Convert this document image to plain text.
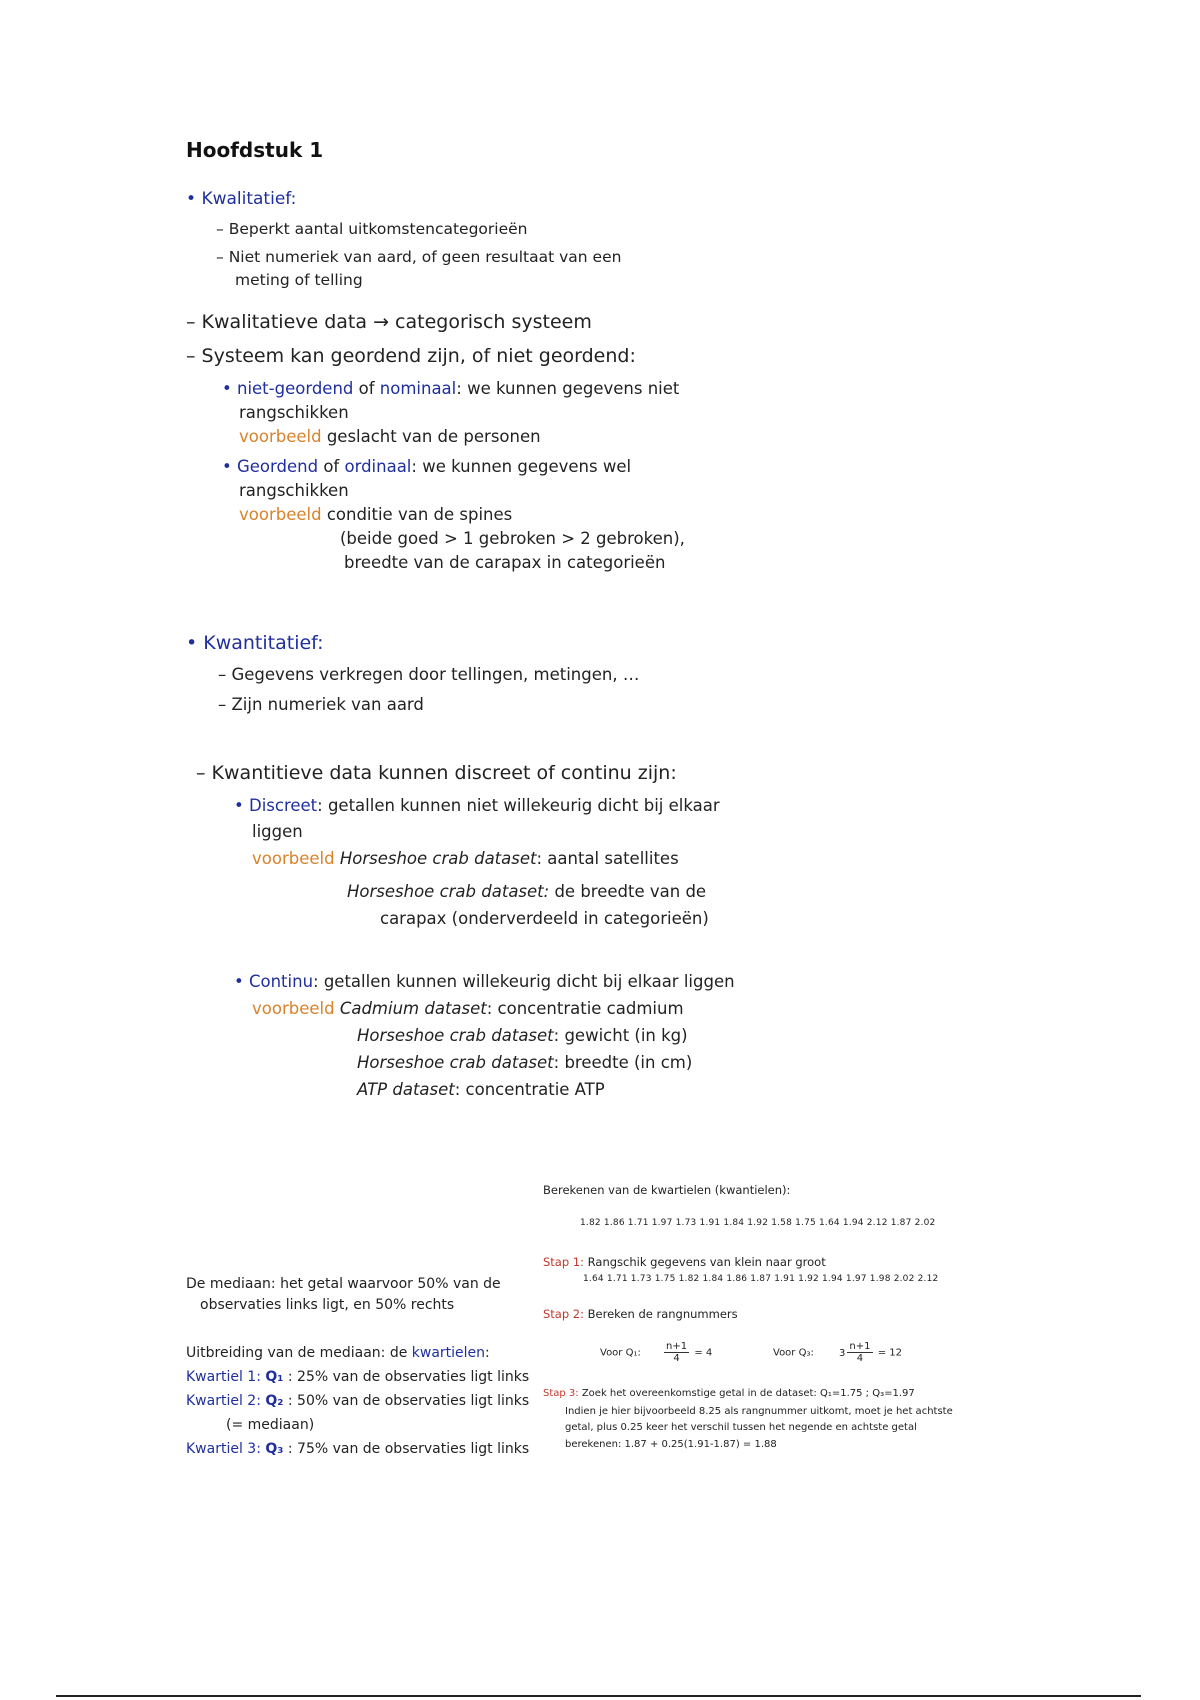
Hoofdstuk 1
• Kwalitatief:
– Beperkt aantal uitkomstencategorieën
– Niet numeriek van aard, of geen resultaat van een
meting of telling
– Kwalitatieve data → categorisch systeem
– Systeem kan geordend zijn, of niet geordend:
• niet-geordend of nominaal: we kunnen gegevens niet
rangschikken
voorbeeld geslacht van de personen
• Geordend of ordinaal: we kunnen gegevens wel
rangschikken
voorbeeld conditie van de spines
(beide goed > 1 gebroken > 2 gebroken),
breedte van de carapax in categorieën
• Kwantitatief:
– Gegevens verkregen door tellingen, metingen, …
– Zijn numeriek van aard
– Kwantitieve data kunnen discreet of continu zijn:
• Discreet: getallen kunnen niet willekeurig dicht bij elkaar
liggen
voorbeeld Horseshoe crab dataset: aantal satellites
Horseshoe crab dataset: de breedte van de
carapax (onderverdeeld in categorieën)
• Continu: getallen kunnen willekeurig dicht bij elkaar liggen
voorbeeld Cadmium dataset: concentratie cadmium
Horseshoe crab dataset: gewicht (in kg)
Horseshoe crab dataset: breedte (in cm)
ATP dataset: concentratie ATP
De mediaan: het getal waarvoor 50% van de
observaties links ligt, en 50% rechts
Uitbreiding van de mediaan: de kwartielen:
Kwartiel 1: Q₁ : 25% van de observaties ligt links
Kwartiel 2: Q₂ : 50% van de observaties ligt links
(= mediaan)
Kwartiel 3: Q₃ : 75% van de observaties ligt links
Berekenen van de kwartielen (kwantielen):
1.82 1.86 1.71 1.97 1.73 1.91 1.84 1.92 1.58 1.75 1.64 1.94 2.12 1.87 2.02
Stap 1: Rangschik gegevens van klein naar groot
1.64 1.71 1.73 1.75 1.82 1.84 1.86 1.87 1.91 1.92 1.94 1.97 1.98 2.02 2.12
Stap 2: Bereken de rangnummers
Voor Q₁: $\frac{n+1}{4} = 4$	Voor Q₃:	$3 \frac{n+1}{4} = 12$
Stap 3: Zoek het overeenkomstige getal in de dataset: Q₁=1.75 ; Q₃=1.97
Indien je hier bijvoorbeeld 8.25 als rangnummer uitkomt, moet je het achtste
getal, plus 0.25 keer het verschil tussen het negende en achtste getal
berekenen: 1.87 + 0.25(1.91-1.87) = 1.88
